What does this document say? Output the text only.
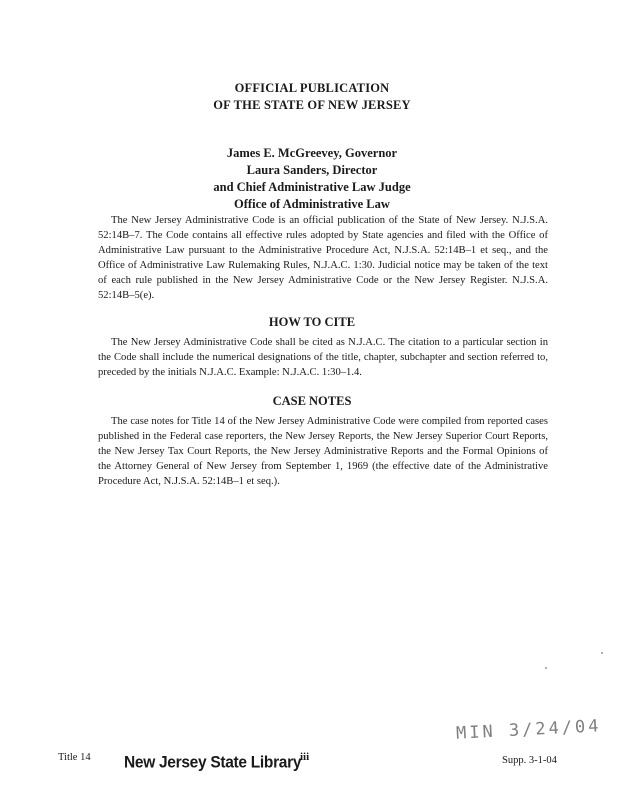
OFFICIAL PUBLICATION
OF THE STATE OF NEW JERSEY
James E. McGreevey, Governor
Laura Sanders, Director
and Chief Administrative Law Judge
Office of Administrative Law

The New Jersey Administrative Code is an official publication of the State of New Jersey. N.J.S.A. 52:14B–7. The Code contains all effective rules adopted by State agencies and filed with the Office of Administrative Law pursuant to the Administrative Procedure Act, N.J.S.A. 52:14B–1 et seq., and the Office of Administrative Law Rulemaking Rules, N.J.A.C. 1:30. Judicial notice may be taken of the text of each rule published in the New Jersey Administrative Code or the New Jersey Register. N.J.S.A. 52:14B–5(e).

HOW TO CITE

The New Jersey Administrative Code shall be cited as N.J.A.C. The citation to a particular section in the Code shall include the numerical designations of the title, chapter, subchapter and section referred to, preceded by the initials N.J.A.C. Example: N.J.A.C. 1:30–1.4.

CASE NOTES

The case notes for Title 14 of the New Jersey Administrative Code were compiled from reported cases published in the Federal case reporters, the New Jersey Reports, the New Jersey Superior Court Reports, the New Jersey Tax Court Reports, the New Jersey Administrative Reports and the Formal Opinions of the Attorney General of New Jersey from September 1, 1969 (the effective date of the Administrative Procedure Act, N.J.S.A. 52:14B–1 et seq.).

MIN 3/24/04
Title 14 New Jersey State Library
iii	Supp. 3-1-04
